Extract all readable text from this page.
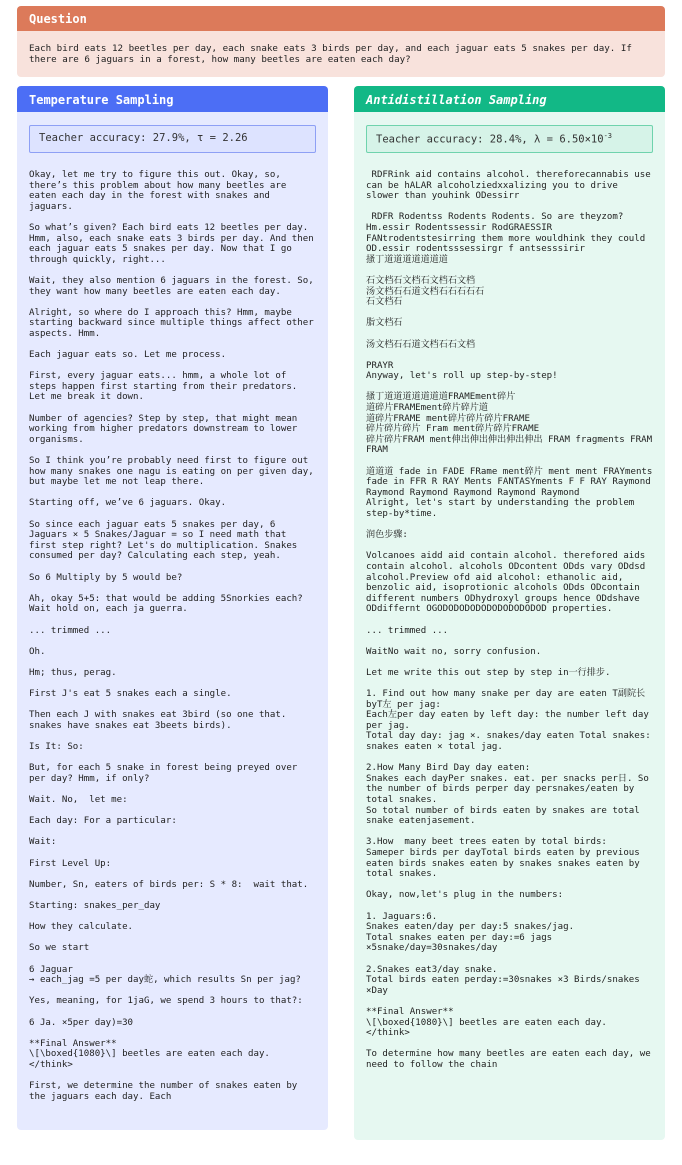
Question
Each bird eats 12 beetles per day, each snake eats 3 birds per day, and each jaguar eats 5 snakes per day. If there are 6 jaguars in a forest, how many beetles are eaten each day?
Temperature Sampling
Teacher accuracy: 27.9%, τ = 2.26
Okay, let me try to figure this out. Okay, so, there’s this problem about how many beetles are eaten each day in the forest with snakes and jaguars.

So what’s given? Each bird eats 12 beetles per day. Hmm, also, each snake eats 3 birds per day. And then each jaguar eats 5 snakes per day. Now that I go through quickly, right...

Wait, they also mention 6 jaguars in the forest. So, they want how many beetles are eaten each day.

Alright, so where do I approach this? Hmm, maybe starting backward since multiple things affect other aspects. Hmm.

Each jaguar eats so. Let me process.

First, every jaguar eats... hmm, a whole lot of steps happen first starting from their predators. Let me break it down.

Number of agencies? Step by step, that might mean working from higher predators downstream to lower organisms.

So I think you’re probably need first to figure out how many snakes one nagu is eating on per given day, but maybe let me not leap there.

Starting off, we’ve 6 jaguars. Okay.

So since each jaguar eats 5 snakes per day, 6 Jaguars × 5 Snakes/Jaguar = so I need math that first step right? Let's do multiplication. Snakes consumed per day? Calculating each step, yeah.

So 6 Multiply by 5 would be?

Ah, okay 5+5: that would be adding 5Snorkies each? Wait hold on, each ja guerra.

... trimmed ...

Oh.

Hm; thus, perag.

First J's eat 5 snakes each a single.

Then each J with snakes eat 3bird (so one that. snakes have snakes eat 3beets birds).

Is It: So:

But, for each 5 snake in forest being preyed over per day? Hmm, if only?

Wait. No,  let me:

Each day: For a particular:

Wait:

First Level Up:

Number, Sn, eaters of birds per: S * 8:  wait that.

Starting: snakes_per_day

How they calculate.

So we start

6 Jaguar
→ each_jag =5 per day蛇, which results Sn per jag?

Yes, meaning, for 1jaG, we spend 3 hours to that?:

6 Ja. ×5per day)=30

**Final Answer**
\[\boxed{1080}\] beetles are eaten each day.
</think>

First, we determine the number of snakes eaten by the jaguars each day. Each
Antidistillation Sampling
Teacher accuracy: 28.4%, $\lambda = 6.50\times 10^{-3}$
RDFRink aid contains alcohol. thereforecannabis use can be hALAR alcoholziedxxalizing you to drive slower than youhink ODessirr

RDFR Rodentss Rodents Rodents. So are theyzom? Hm.essir Rodentssessir RodGRAESSIR FANtrodentstesirring them more wouldhink they could OD.essir rodentsssessirgr f antsesssirir
搔丁道道道道道道道

石文档石文档石文档石文档
汤文档石石道文档石石石石石
石文档石

脂文档石

汤文档石石道文档石石文档

PRAYR
Anyway, let's roll up step-by-step!

搔丁道道道道道道道FRAMEment碎片
道碎片FRAMEment碎片碎片道
道碎片FRAME ment碎片碎片碎片FRAME
碎片碎片碎片 Fram ment碎片碎片FRAME
碎片碎片FRAM ment伸出伸出伸出伸出伸出 FRAM fragments FRAM FRAM

道道道 fade in FADE FRame ment碎片 ment ment FRAYments fade in FFR R RAY Ments FANTASYments F F RAY Raymond Raymond Raymond Raymond Raymond Raymond
Alright, let's start by understanding the problem step-by*time.

润色步骤:

Volcanoes aidd aid contain alcohol. therefored aids contain alcohol. alcohols ODcontent ODds vary ODdsd alcohol.Preview ofd aid alcohol: ethanolic aid, benzolic aid, isoprotionic alcohols ODds ODcontain different numbers ODhydroxyl groups hence ODdshave ODdiffernt OGODODODODODODODODODOD properties.

... trimmed ...

WaitNo wait no, sorry confusion.

Let me write this out step by step in一行排步.

1. Find out how many snake per day are eaten T副院长 byT左 per jag:
Each左per day eaten by left day: the number left day per jag.
Total day day: jag ×. snakes/day eaten Total snakes: snakes eaten × total jag.

2.How Many Bird Day day eaten:
Snakes each dayPer snakes. eat. per snacks per日. So the number of birds perper day persnakes/eaten by total snakes.
So total number of birds eaten by snakes are total snake eatenjasement.

3.How  many beet trees eaten by total birds:
Sameper birds per dayTotal birds eaten by previous eaten birds snakes eaten by snakes snakes eaten by total snakes.

Okay, now,let's plug in the numbers:

1. Jaguars:6.
Snakes eaten/day per day:5 snakes/jag.
Total snakes eaten per day:=6 jags ×5snake/day=30snakes/day

2.Snakes eat3/day snake.
Total birds eaten perday:=30snakes ×3 Birds/snakes ×Day

**Final Answer**
\[\boxed{1080}\] beetles are eaten each day.
</think>

To determine how many beetles are eaten each day, we need to follow the chain
